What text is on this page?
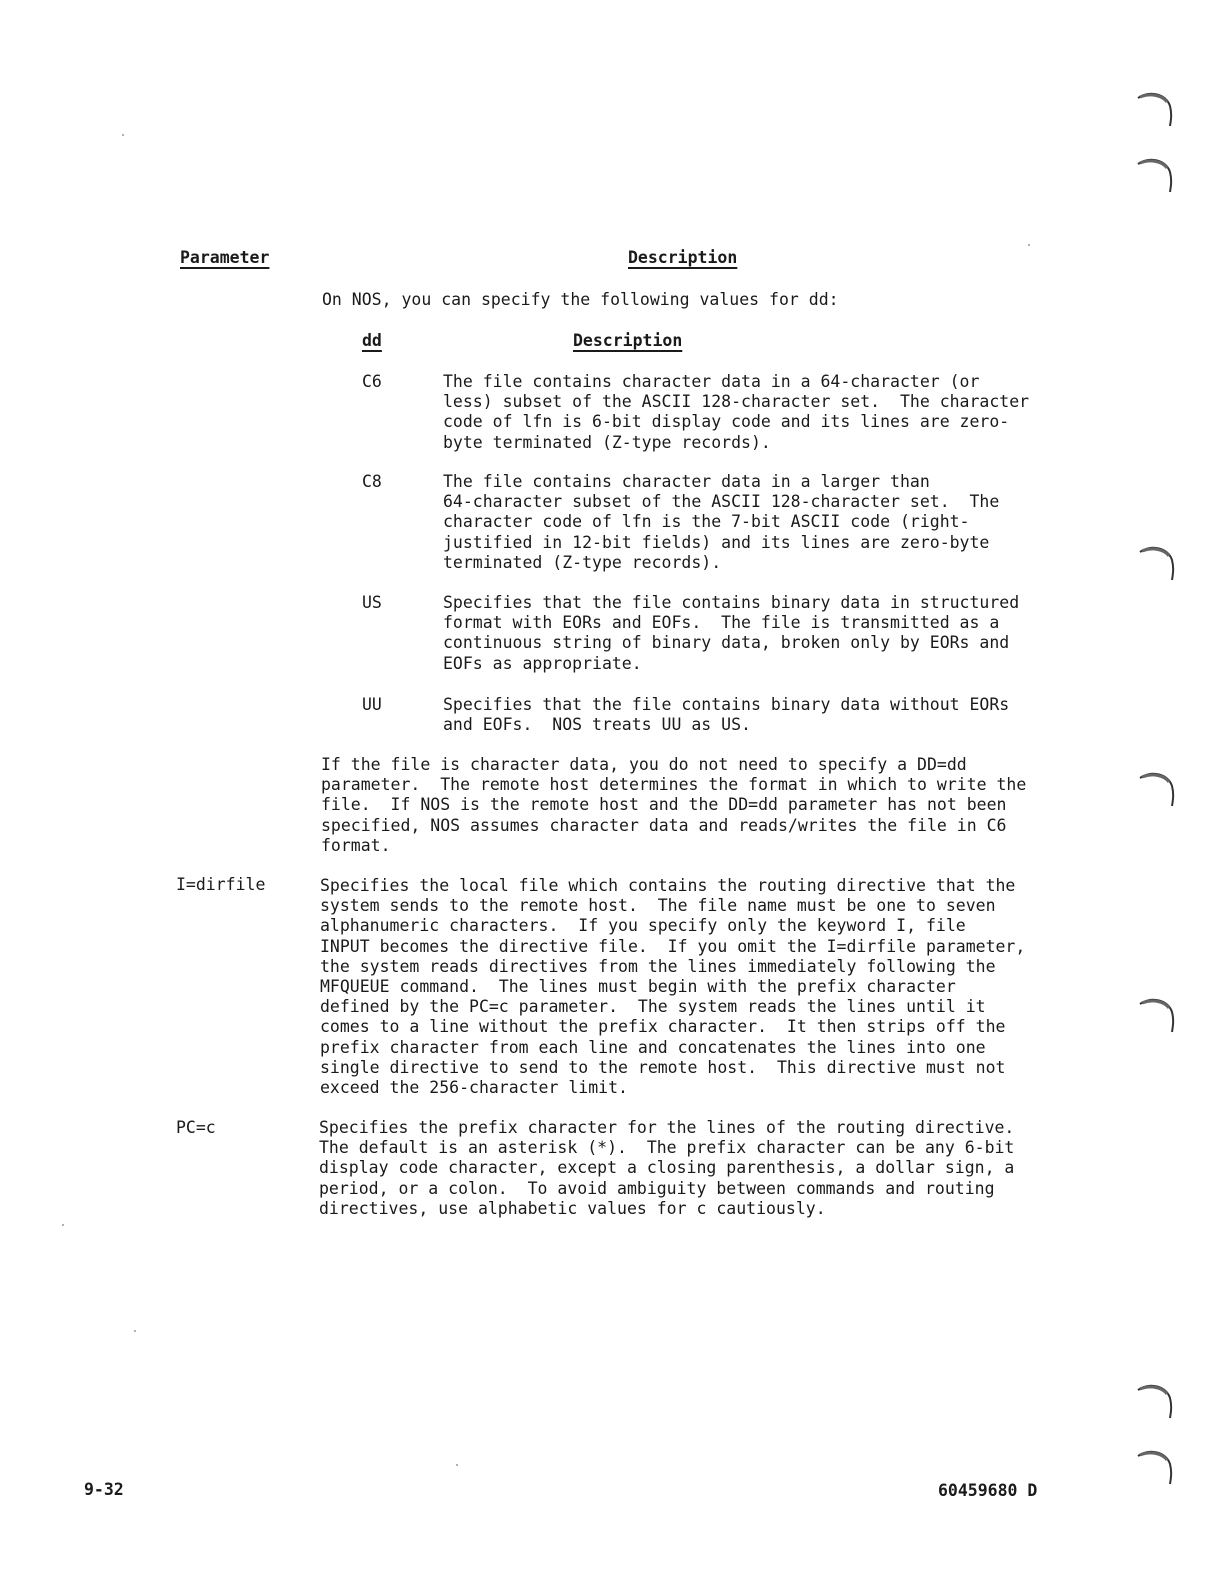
Parameter	Description
On NOS, you can specify the following values for dd:
dd	Description
C6	The file contains character data in a 64-character (or
less) subset of the ASCII 128-character set.  The character
code of lfn is 6-bit display code and its lines are zero-
byte terminated (Z-type records).
C8	The file contains character data in a larger than
64-character subset of the ASCII 128-character set.  The
character code of lfn is the 7-bit ASCII code (right-
justified in 12-bit fields) and its lines are zero-byte
terminated (Z-type records).
US	Specifies that the file contains binary data in structured
format with EORs and EOFs.  The file is transmitted as a
continuous string of binary data, broken only by EORs and
EOFs as appropriate.
UU	Specifies that the file contains binary data without EORs
and EOFs.  NOS treats UU as US.
If the file is character data, you do not need to specify a DD=dd
parameter.  The remote host determines the format in which to write the
file.  If NOS is the remote host and the DD=dd parameter has not been
specified, NOS assumes character data and reads/writes the file in C6
format.
I=dirfile	Specifies the local file which contains the routing directive that the
system sends to the remote host.  The file name must be one to seven
alphanumeric characters.  If you specify only the keyword I, file
INPUT becomes the directive file.  If you omit the I=dirfile parameter,
the system reads directives from the lines immediately following the
MFQUEUE command.  The lines must begin with the prefix character
defined by the PC=c parameter.  The system reads the lines until it
comes to a line without the prefix character.  It then strips off the
prefix character from each line and concatenates the lines into one
single directive to send to the remote host.  This directive must not
exceed the 256-character limit.
PC=c	Specifies the prefix character for the lines of the routing directive.
The default is an asterisk (*).  The prefix character can be any 6-bit
display code character, except a closing parenthesis, a dollar sign, a
period, or a colon.  To avoid ambiguity between commands and routing
directives, use alphabetic values for c cautiously.
9-32	60459680 D
